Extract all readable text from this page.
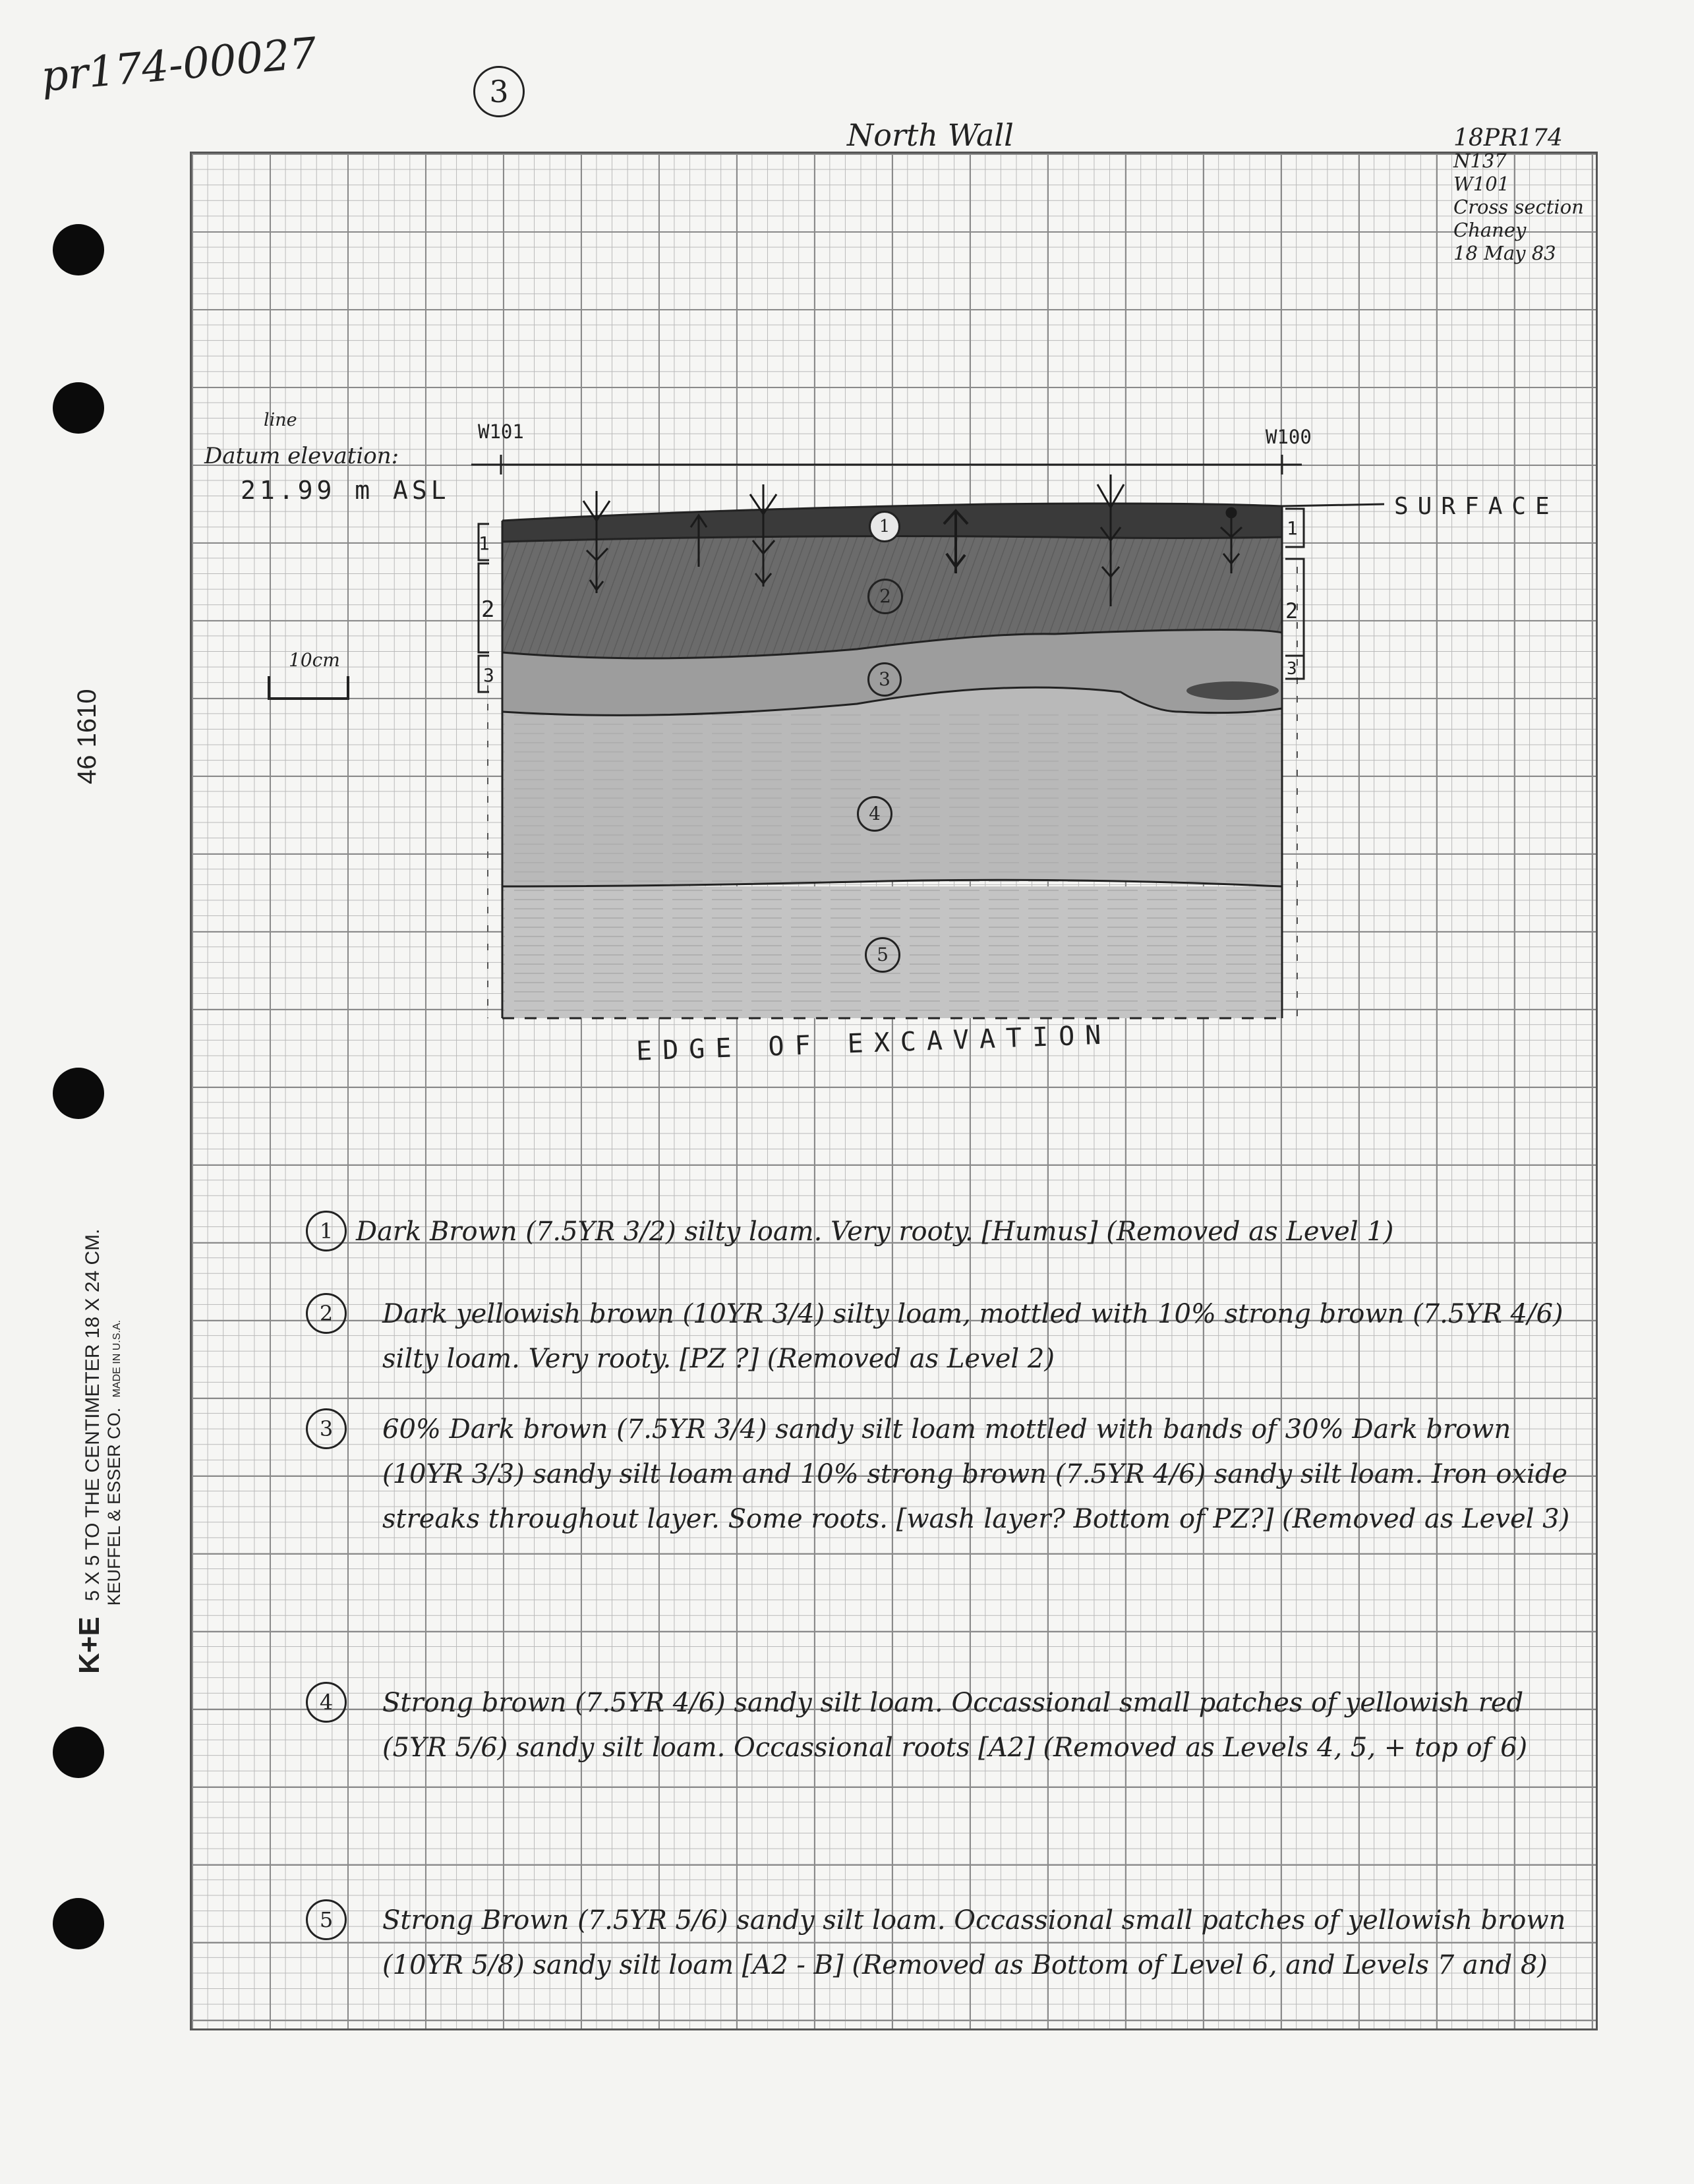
46 1610
K+E 5 X 5 TO THE CENTIMETER 18 X 24 CM.
KEUFFEL & ESSER CO. MADE IN U.S.A.
pr174-00027	3
North Wall	18PR174
N137
W101
Cross section
Chaney
18 May 83
line
Datum elevation:
21.99 m ASL
10cm
W101	W100
SURFACE
1
2
3
1
2
3
1
2
3
4
5
EDGE OF EXCAVATION
1 Dark Brown (7.5YR 3/2) silty loam. Very rooty. [Humus] (Removed as Level 1)
2	Dark yellowish brown (10YR 3/4) silty loam, mottled with 10% strong brown (7.5YR 4/6) silty loam. Very rooty. [PZ ?] (Removed as Level 2)
3	60% Dark brown (7.5YR 3/4) sandy silt loam mottled with bands of 30% Dark brown (10YR 3/3) sandy silt loam and 10% strong brown (7.5YR 4/6) sandy silt loam. Iron oxide streaks throughout layer. Some roots. [wash layer? Bottom of PZ?] (Removed as Level 3)
4	Strong brown (7.5YR 4/6) sandy silt loam. Occassional small patches of yellowish red (5YR 5/6) sandy silt loam. Occassional roots [A2] (Removed as Levels 4, 5, + top of 6)
5	Strong Brown (7.5YR 5/6) sandy silt loam. Occassional small patches of yellowish brown (10YR 5/8) sandy silt loam [A2 - B] (Removed as Bottom of Level 6, and Levels 7 and 8)
